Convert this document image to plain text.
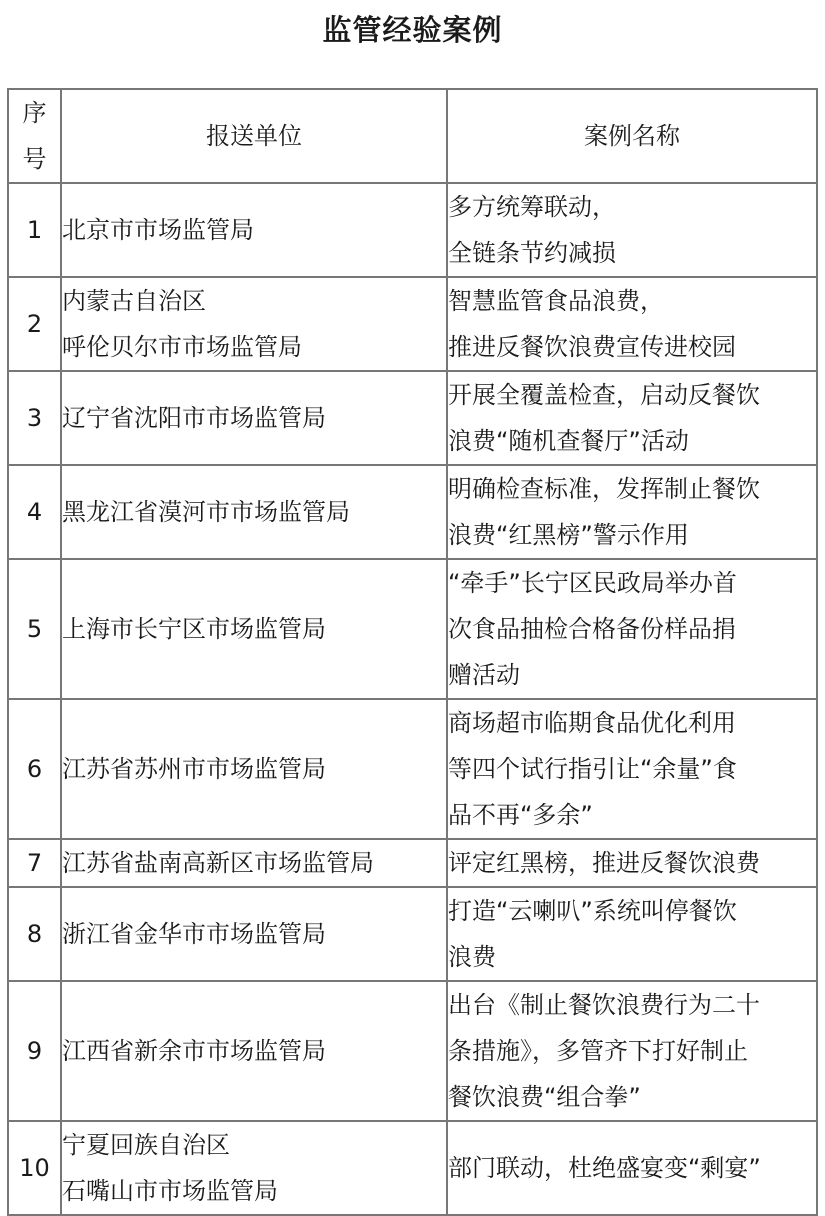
监管经验案例
序
号	报送单位	案例名称
1	北京市市场监管局	多方统筹联动，
全链条节约减损

2	内蒙古自治区
呼伦贝尔市市场监管局	智慧监管食品浪费，
推进反餐饮浪费宣传进校园

3	辽宁省沈阳市市场监管局	开展全覆盖检查，启动反餐饮
浪费“随机查餐厅”活动

4	黑龙江省漠河市市场监管局	明确检查标准，发挥制止餐饮
浪费“红黑榜”警示作用

5	上海市长宁区市场监管局	“牵手”长宁区民政局举办首
次食品抽检合格备份样品捐
赠活动

6	江苏省苏州市市场监管局	商场超市临期食品优化利用
等四个试行指引让“余量”食
品不再“多余”

7	江苏省盐南高新区市场监管局	评定红黑榜，推进反餐饮浪费

8	浙江省金华市市场监管局	打造“云喇叭”系统叫停餐饮
浪费

9	江西省新余市市场监管局	出台《制止餐饮浪费行为二十
条措施》，多管齐下打好制止
餐饮浪费“组合拳”

10	宁夏回族自治区
石嘴山市市场监管局	部门联动，杜绝盛宴变“剩宴”
